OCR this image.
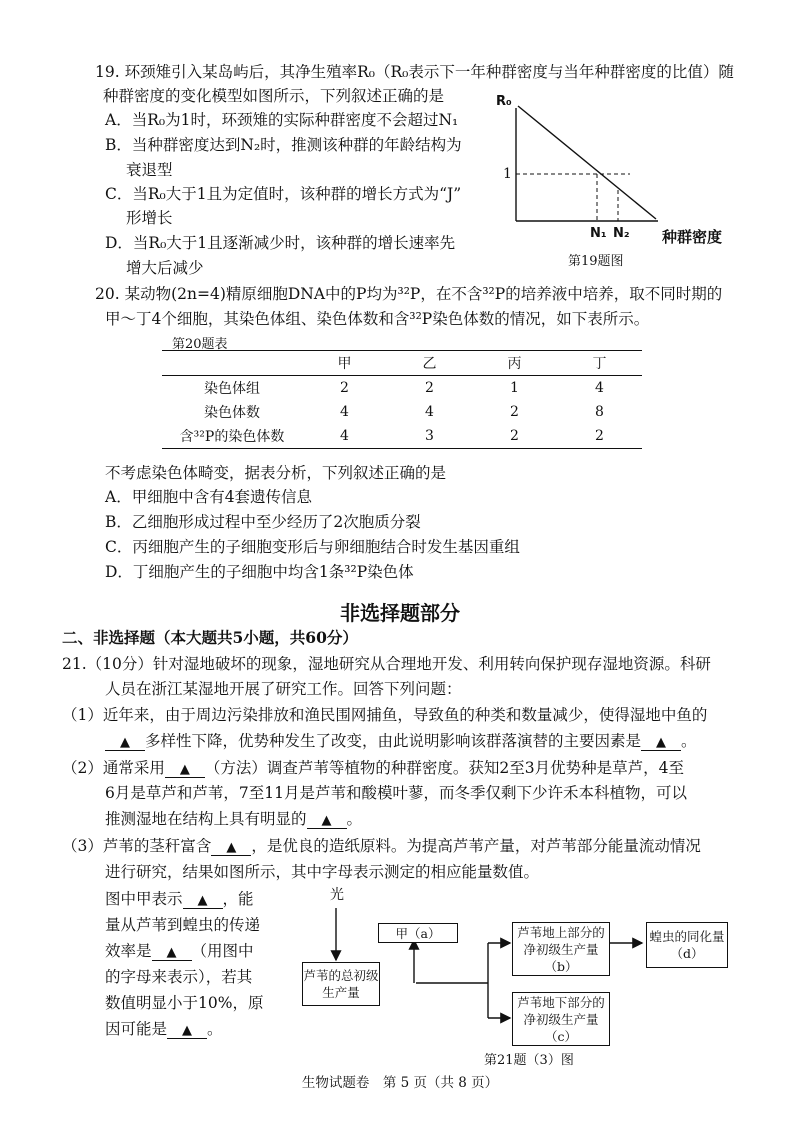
19. 环颈雉引入某岛屿后，其净生殖率R₀（R₀表示下一年种群密度与当年种群密度的比值）随
种群密度的变化模型如图所示，下列叙述正确的是
A．当R₀为1时，环颈雉的实际种群密度不会超过N₁
B．当种群密度达到N₂时，推测该种群的年龄结构为
衰退型
C．当R₀大于1且为定值时，该种群的增长方式为“J”
形增长
D．当R₀大于1且逐渐减少时，该种群的增长速率先
增大后减少
R₀
1
N₁ N₂ 种群密度
第19题图
20. 某动物(2n=4)精原细胞DNA中的P均为³²P，在不含³²P的培养液中培养，取不同时期的
甲～丁4个细胞，其染色体组、染色体数和含³²P染色体数的情况，如下表所示。
第20题表
	甲	乙	丙	丁
染色体组	2	2	1	4
染色体数	4	4	2	8
含³²P的染色体数	4	3	2	2
不考虑染色体畸变，据表分析，下列叙述正确的是
A．甲细胞中含有4套遗传信息
B．乙细胞形成过程中至少经历了2次胞质分裂
C．丙细胞产生的子细胞变形后与卵细胞结合时发生基因重组
D．丁细胞产生的子细胞中均含1条³²P染色体
非选择题部分
二、非选择题（本大题共5小题，共60分）
21.（10分）针对湿地破坏的现象，湿地研究从合理地开发、利用转向保护现存湿地资源。科研
人员在浙江某湿地开展了研究工作。回答下列问题：
（1）近年来，由于周边污染排放和渔民围网捕鱼，导致鱼的种类和数量减少，使得湿地中鱼的
▲ 多样性下降，优势种发生了改变，由此说明影响该群落演替的主要因素是 ▲ 。
（2）通常采用 ▲ （方法）调查芦苇等植物的种群密度。获知2至3月优势种是草芦，4至
6月是草芦和芦苇，7至11月是芦苇和酸模叶蓼，而冬季仅剩下少许禾本科植物，可以
推测湿地在结构上具有明显的 ▲ 。
（3）芦苇的茎秆富含 ▲ ，是优良的造纸原料。为提高芦苇产量，对芦苇部分能量流动情况
进行研究，结果如图所示，其中字母表示测定的相应能量数值。
图中甲表示 ▲ ，能
量从芦苇到蝗虫的传递
效率是 ▲ （用图中
的字母来表示），若其
数值明显小于10%，原
因可能是 ▲ 。
光
甲（a）
芦苇的总初级生产量
芦苇地上部分的净初级生产量（b）
芦苇地下部分的净初级生产量（c）
蝗虫的同化量（d）
第21题（3）图
生物试题卷　第 5 页（共 8 页）
